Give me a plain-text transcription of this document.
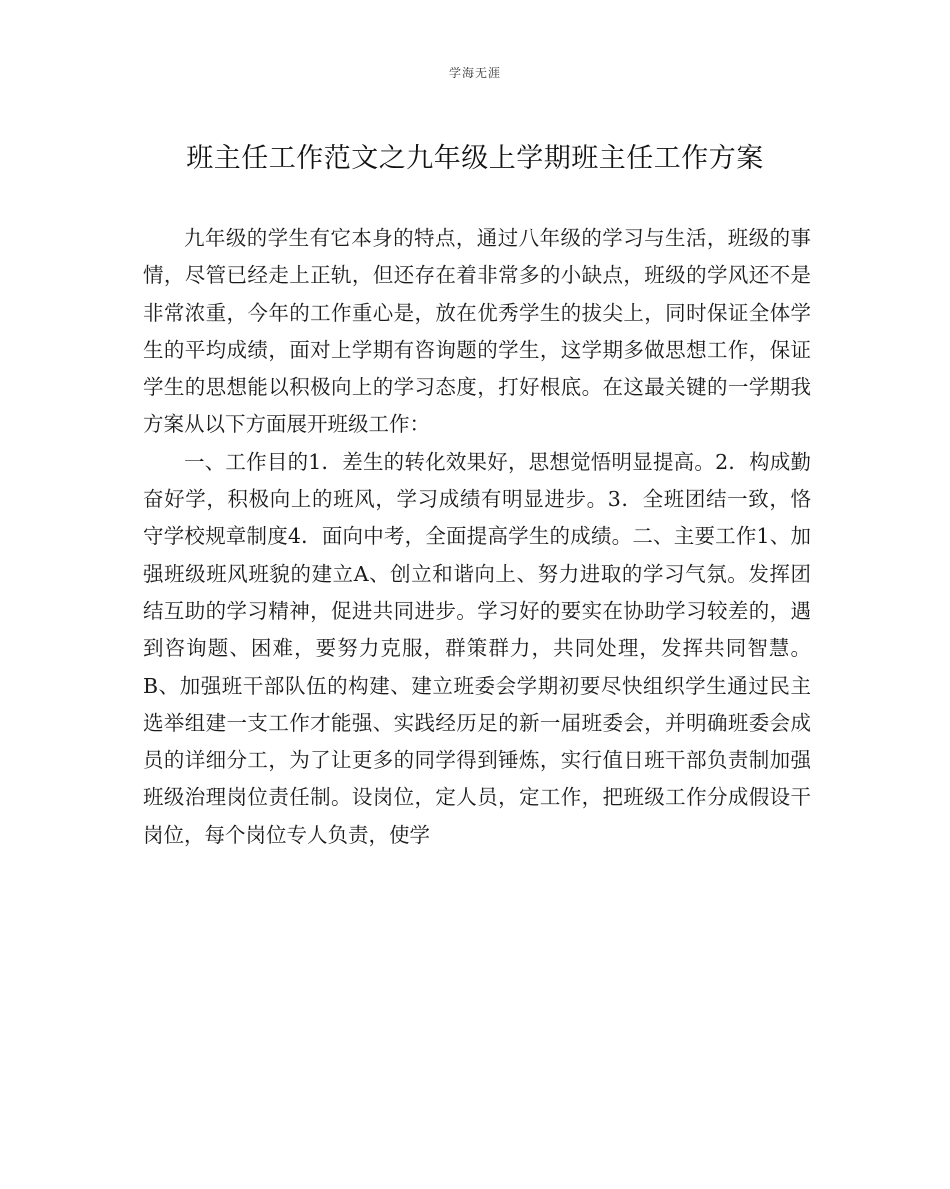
学海无涯
班主任工作范文之九年级上学期班主任工作方案

九年级的学生有它本身的特点，通过八年级的学习与生活，班级的事情，尽管已经走上正轨，但还存在着非常多的小缺点，班级的学风还不是非常浓重，今年的工作重心是，放在优秀学生的拔尖上，同时保证全体学生的平均成绩，面对上学期有咨询题的学生，这学期多做思想工作，保证学生的思想能以积极向上的学习态度，打好根底。在这最关键的一学期我方案从以下方面展开班级工作：

一、工作目的1．差生的转化效果好，思想觉悟明显提高。2．构成勤奋好学，积极向上的班风，学习成绩有明显进步。3．全班团结一致，恪守学校规章制度4．面向中考，全面提高学生的成绩。二、主要工作1、加强班级班风班貌的建立A、创立和谐向上、努力进取的学习气氛。发挥团结互助的学习精神，促进共同进步。学习好的要实在协助学习较差的，遇到咨询题、困难，要努力克服，群策群力，共同处理，发挥共同智慧。B、加强班干部队伍的构建、建立班委会学期初要尽快组织学生通过民主选举组建一支工作才能强、实践经历足的新一届班委会，并明确班委会成员的详细分工，为了让更多的同学得到锤炼，实行值日班干部负责制加强班级治理岗位责任制。设岗位，定人员，定工作，把班级工作分成假设干岗位，每个岗位专人负责，使学
